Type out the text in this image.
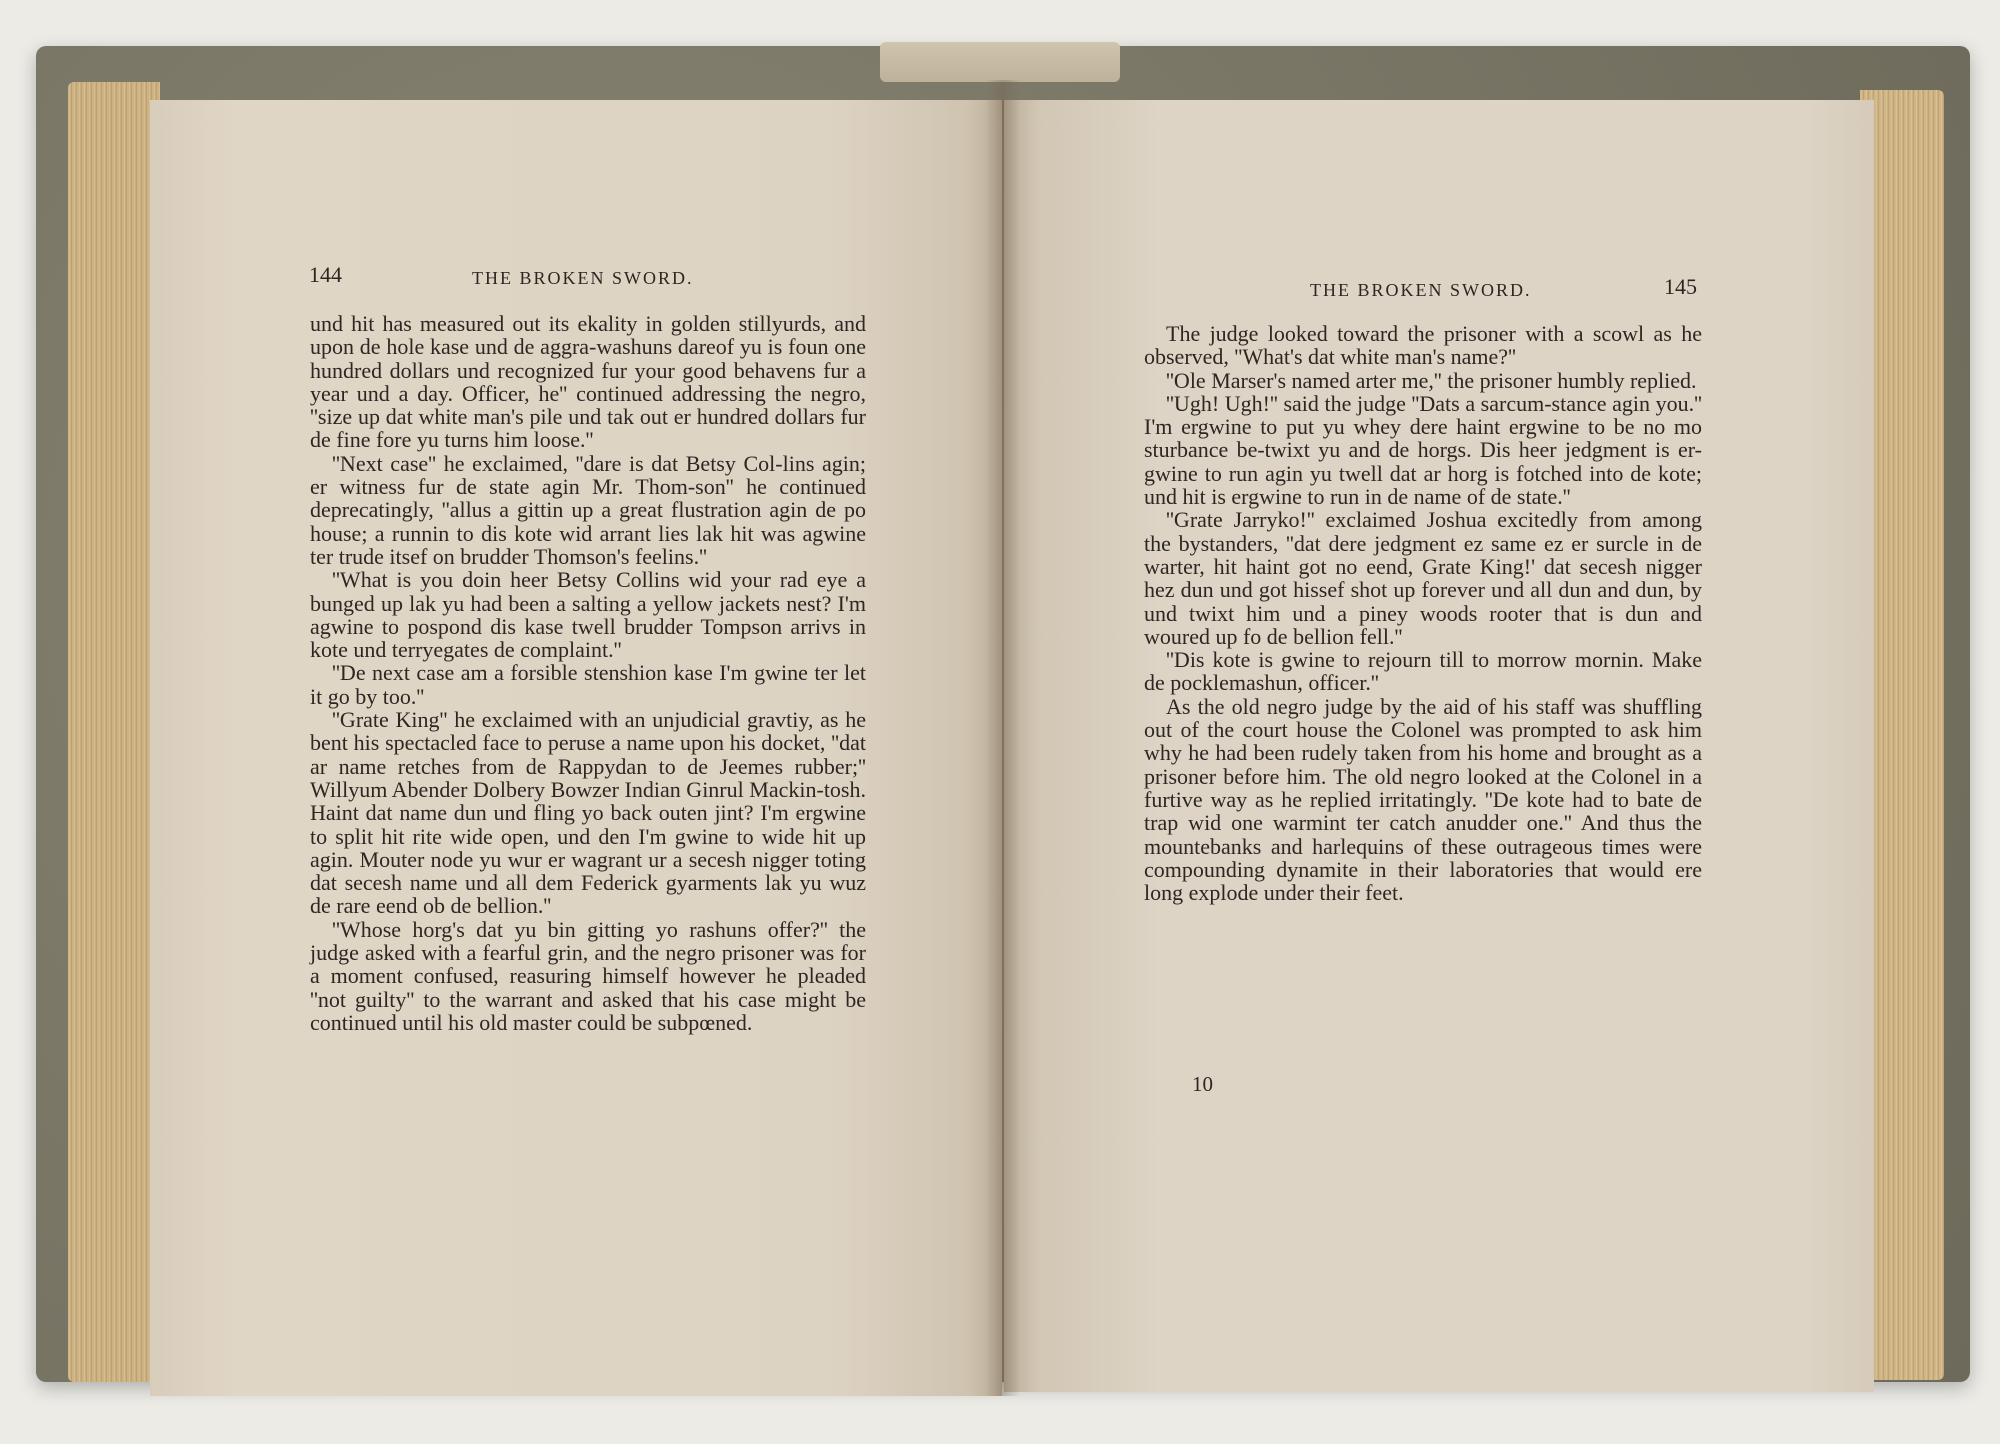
144	THE BROKEN SWORD.

und hit has measured out its ekality in golden stillyurds, and upon de hole kase und de aggra-washuns dareof yu is foun one hundred dollars und recognized fur your good behavens fur a year und a day. Officer, he'' continued addressing the negro, ''size up dat white man's pile und tak out er hundred dollars fur de fine fore yu turns him loose.''

''Next case'' he exclaimed, ''dare is dat Betsy Col-lins agin; er witness fur de state agin Mr. Thom-son'' he continued deprecatingly, ''allus a gittin up a great flustration agin de po house; a runnin to dis kote wid arrant lies lak hit was agwine ter trude itsef on brudder Thomson's feelins.''

''What is you doin heer Betsy Collins wid your rad eye a bunged up lak yu had been a salting a yellow jackets nest? I'm agwine to pospond dis kase twell brudder Tompson arrivs in kote und terryegates de complaint.''

''De next case am a forsible stenshion kase I'm gwine ter let it go by too.''

''Grate King'' he exclaimed with an unjudicial gravtiy, as he bent his spectacled face to peruse a name upon his docket, ''dat ar name retches from de Rappydan to de Jeemes rubber;'' Willyum Abender Dolbery Bowzer Indian Ginrul Mackin-tosh. Haint dat name dun und fling yo back outen jint? I'm ergwine to split hit rite wide open, und den I'm gwine to wide hit up agin. Mouter node yu wur er wagrant ur a secesh nigger toting dat secesh name und all dem Federick gyarments lak yu wuz de rare eend ob de bellion.''

''Whose horg's dat yu bin gitting yo rashuns offer?'' the judge asked with a fearful grin, and the negro prisoner was for a moment confused, reasuring himself however he pleaded ''not guilty'' to the warrant and asked that his case might be continued until his old master could be subpœned.

THE BROKEN SWORD.	145

The judge looked toward the prisoner with a scowl as he observed, ''What's dat white man's name?''

''Ole Marser's named arter me,'' the prisoner humbly replied.

''Ugh! Ugh!'' said the judge ''Dats a sarcum-stance agin you.'' I'm ergwine to put yu whey dere haint ergwine to be no mo sturbance be-twixt yu and de horgs. Dis heer jedgment is er-gwine to run agin yu twell dat ar horg is fotched into de kote; und hit is ergwine to run in de name of de state.''

''Grate Jarryko!'' exclaimed Joshua excitedly from among the bystanders, ''dat dere jedgment ez same ez er surcle in de warter, hit haint got no eend, Grate King!' dat secesh nigger hez dun und got hissef shot up forever und all dun and dun, by und twixt him und a piney woods rooter that is dun and woured up fo de bellion fell.''

''Dis kote is gwine to rejourn till to morrow mornin. Make de pocklemashun, officer.''

As the old negro judge by the aid of his staff was shuffling out of the court house the Colonel was prompted to ask him why he had been rudely taken from his home and brought as a prisoner before him. The old negro looked at the Colonel in a furtive way as he replied irritatingly. ''De kote had to bate de trap wid one warmint ter catch anudder one.'' And thus the mountebanks and harlequins of these outrageous times were compounding dynamite in their laboratories that would ere long explode under their feet.

10
